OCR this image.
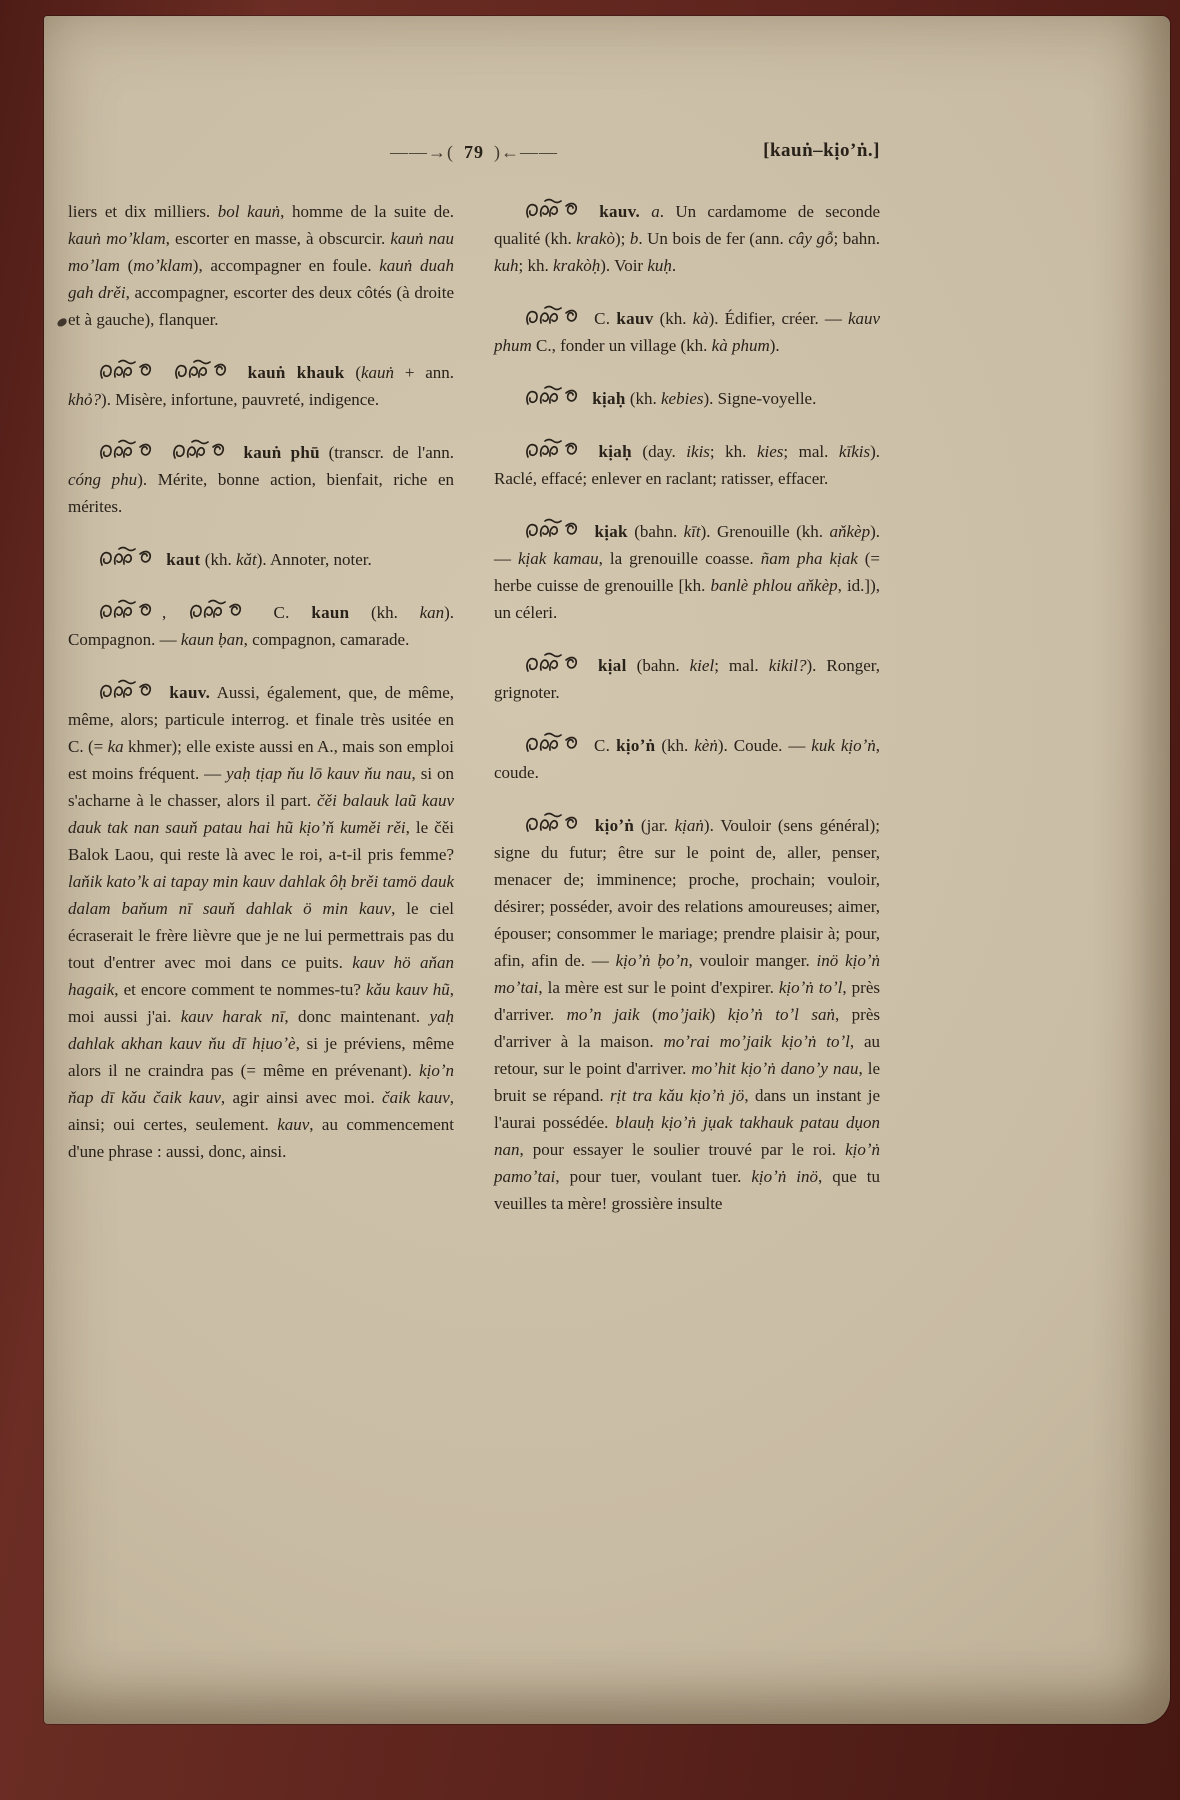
——→( 79 )←——	[kauṅ–kịoʼṅ.]

liers et dix milliers. bol kauṅ, homme de la suite de. kauṅ moʼklam, escorter en masse, à obscurcir. kauṅ nau moʼlam (moʼklam), accompagner en foule. kauṅ duah gah drěi, accompagner, escorter des deux côtés (à droite et à gauche), flanquer.

kauṅ khauk (kauṅ + ann. khỏ?). Misère, infortune, pauvreté, indigence.

kauṅ phū (transcr. de l'ann. cóng phu). Mérite, bonne action, bienfait, riche en mérites.

kaut (kh. kǎt). Annoter, noter.

,	C. kaun (kh. kan). Compagnon. — kaun ḅan, compagnon, camarade.

kauv. Aussi, également, que, de même, même, alors; particule interrog. et finale très usitée en C. (= ka khmer); elle existe aussi en A., mais son emploi est moins fréquent. — yaḥ tịap ňu lō kauv ňu nau, si on s'acharne à le chasser, alors il part. čěi balauk laũ kauv dauk tak nan sauň patau hai hũ kịoʼň kuměi rěi, le čěi Balok Laou, qui reste là avec le roi, a-t-il pris femme? laňik katoʼk ai tapay min kauv dahlak ôḥ brěi tamö dauk dalam baňum nī sauň dahlak ö min kauv, le ciel écraserait le frère lièvre que je ne lui permettrais pas du tout d'entrer avec moi dans ce puits. kauv hö aňan hagaik, et encore comment te nommes-tu? kǎu kauv hũ, moi aussi j'ai. kauv harak nī, donc maintenant. yaḥ dahlak akhan kauv ňu dī hịuoʼè, si je préviens, même alors il ne craindra pas (= même en prévenant). kịoʼn ňap dī kǎu čaik kauv, agir ainsi avec moi. čaik kauv, ainsi; oui certes, seulement. kauv, au commencement d'une phrase : aussi, donc, ainsi.

kauv. a. Un cardamome de seconde qualité (kh. krakò); b. Un bois de fer (ann. cây gỗ; bahn. kuh; kh. krakòḥ). Voir kuḥ.

C. kauv (kh. kà). Édifier, créer. — kauv phum C., fonder un village (kh. kà phum).

kịaḥ (kh. kebies). Signe-voyelle.

kịaḥ (day. ikis; kh. kies; mal. kīkis). Raclé, effacé; enlever en raclant; ratisser, effacer.

kịak (bahn. kīt). Grenouille (kh. aňkèp). — kịak kamau, la grenouille coasse. ñam pha kịak (= herbe cuisse de grenouille [kh. banlè phlou aňkèp, id.]), un céleri.

kịal (bahn. kiel; mal. kikil?). Ronger, grignoter.

C. kịoʼṅ (kh. kèṅ). Coude. — kuk kịoʼṅ, coude.

kịoʼṅ (jar. kịaṅ). Vouloir (sens général); signe du futur; être sur le point de, aller, penser, menacer de; imminence; proche, prochain; vouloir, désirer; posséder, avoir des relations amoureuses; aimer, épouser; consommer le mariage; prendre plaisir à; pour, afin, afin de. — kịoʼṅ ḅoʼn, vouloir manger. inö kịoʼṅ moʼtai, la mère est sur le point d'expirer. kịoʼṅ toʼl, près d'arriver. moʼn jaik (moʼjaik) kịoʼṅ toʼl saṅ, près d'arriver à la maison. moʼrai moʼjaik kịoʼṅ toʼl, au retour, sur le point d'arriver. moʼhit kịoʼṅ danoʼy nau, le bruit se répand. rịt tra kǎu kịoʼṅ jö, dans un instant je l'aurai possédée. blauḥ kịoʼṅ jụak takhauk patau dụon nan, pour essayer le soulier trouvé par le roi. kịoʼṅ pamoʼtai, pour tuer, voulant tuer. kịoʼṅ inö, que tu veuilles ta mère! grossière insulte
